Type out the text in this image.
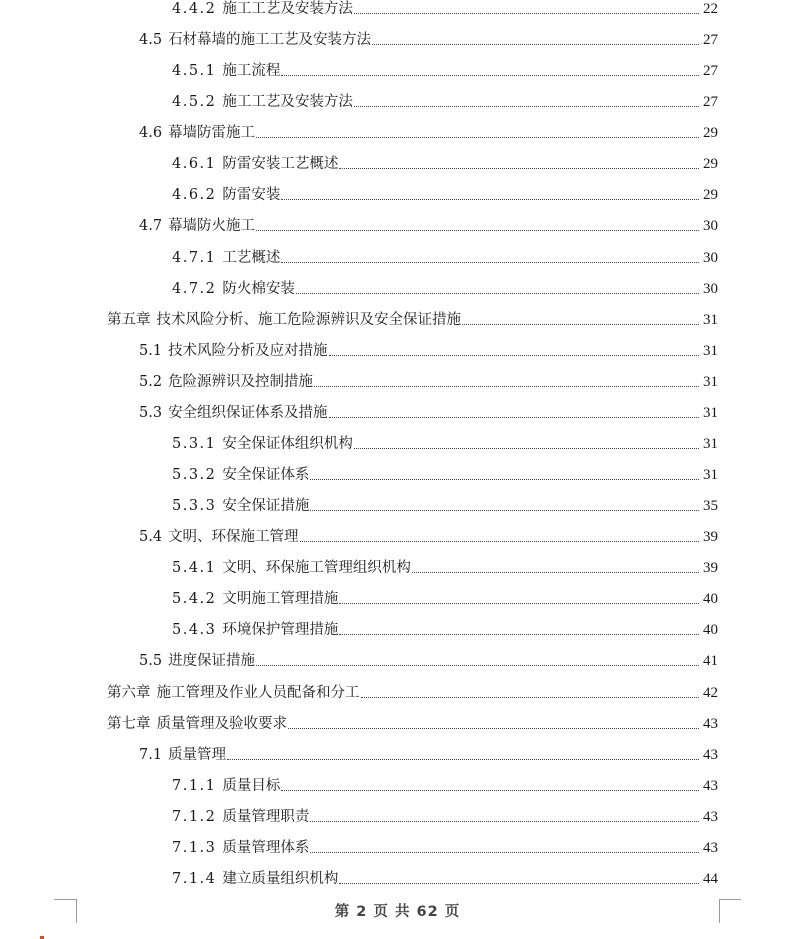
4.4.2 施工工艺及安装方法	22
4.5 石材幕墙的施工工艺及安装方法	27
4.5.1 施工流程	27
4.5.2 施工工艺及安装方法	27
4.6 幕墙防雷施工	29
4.6.1 防雷安装工艺概述	29
4.6.2 防雷安装	29
4.7 幕墙防火施工	30
4.7.1 工艺概述	30
4.7.2 防火棉安装	30
第五章 技术风险分析、施工危险源辨识及安全保证措施	31
5.1 技术风险分析及应对措施	31
5.2 危险源辨识及控制措施	31
5.3 安全组织保证体系及措施	31
5.3.1 安全保证体组织机构	31
5.3.2 安全保证体系	31
5.3.3 安全保证措施	35
5.4 文明、环保施工管理	39
5.4.1 文明、环保施工管理组织机构	39
5.4.2 文明施工管理措施	40
5.4.3 环境保护管理措施	40
5.5 进度保证措施	41
第六章 施工管理及作业人员配备和分工	42
第七章 质量管理及验收要求	43
7.1 质量管理	43
7.1.1 质量目标	43
7.1.2 质量管理职责	43
7.1.3 质量管理体系	43
7.1.4 建立质量组织机构	44
第 2 页 共 62 页
